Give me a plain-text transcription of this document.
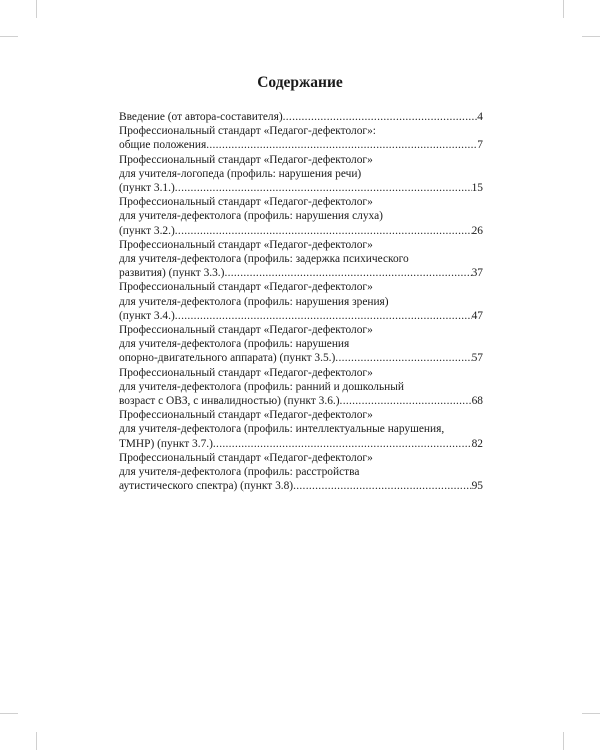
Содержание
Введение (от автора-составителя) .....	4
Профессиональный стандарт «Педагог-дефектолог»:
общие положения .....	7
Профессиональный стандарт «Педагог-дефектолог»
для учителя-логопеда (профиль: нарушения речи)
(пункт 3.1.) .....	15
Профессиональный стандарт «Педагог-дефектолог»
для учителя-дефектолога (профиль: нарушения слуха)
(пункт 3.2.) .....	26
Профессиональный стандарт «Педагог-дефектолог»
для учителя-дефектолога (профиль: задержка психического
развития) (пункт 3.3.) .....	37
Профессиональный стандарт «Педагог-дефектолог»
для учителя-дефектолога (профиль: нарушения зрения)
(пункт 3.4.) .....	47
Профессиональный стандарт «Педагог-дефектолог»
для учителя-дефектолога (профиль: нарушения
опорно-двигательного аппарата) (пункт 3.5.) .....	57
Профессиональный стандарт «Педагог-дефектолог»
для учителя-дефектолога (профиль: ранний и дошкольный
возраст с ОВЗ, с инвалидностью) (пункт 3.6.) .....	68
Профессиональный стандарт «Педагог-дефектолог»
для учителя-дефектолога (профиль: интеллектуальные нарушения,
ТМНР) (пункт 3.7.) .....	82
Профессиональный стандарт «Педагог-дефектолог»
для учителя-дефектолога (профиль: расстройства
аутистического спектра) (пункт 3.8) .....	95
